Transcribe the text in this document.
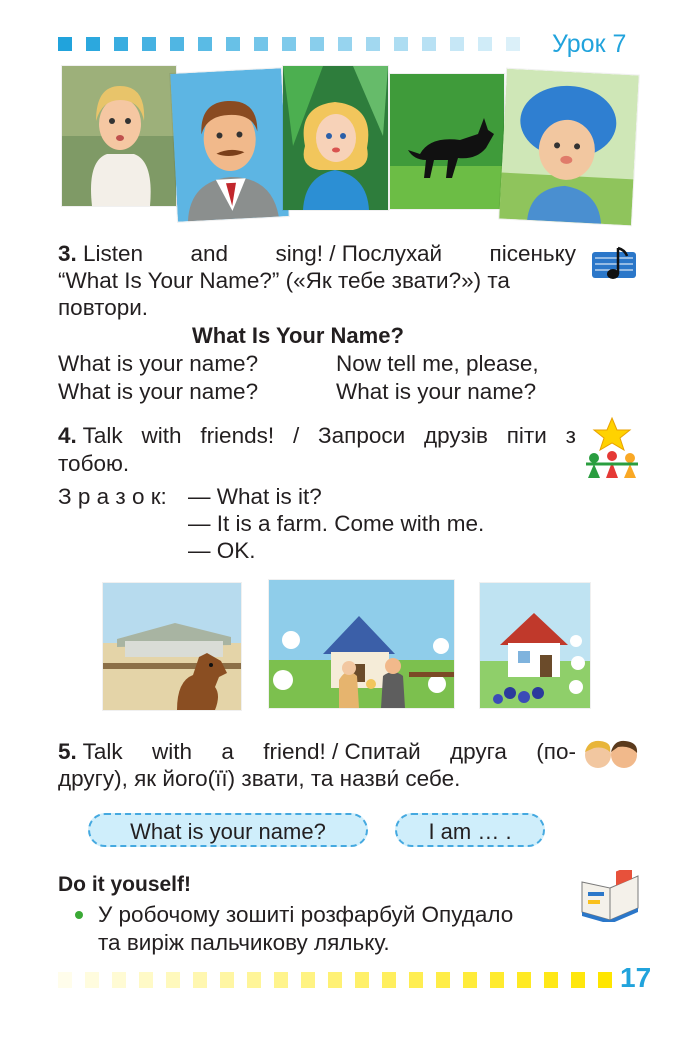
Урок 7
3. Listen and sing! / Послухай пісеньку
“What Is Your Name?” («Як тебе звати?») та
повтори.
What Is Your Name?
What is your name?	Now tell me, please,
What is your name?	What is your name?
4. Talk with friends! / Запроси друзів піти з
тобою.
З р а з о к: — What is it?
— It is a farm. Come with me.
— OK.
5. Talk with a friend! / Спитай друга (по-
другу), як його(її) звати, та назви́ себе.
What is your name?	I am … .
Do it youself!
У робочому зошиті розфарбуй Опудало
та виріж пальчикову ляльку.
17
